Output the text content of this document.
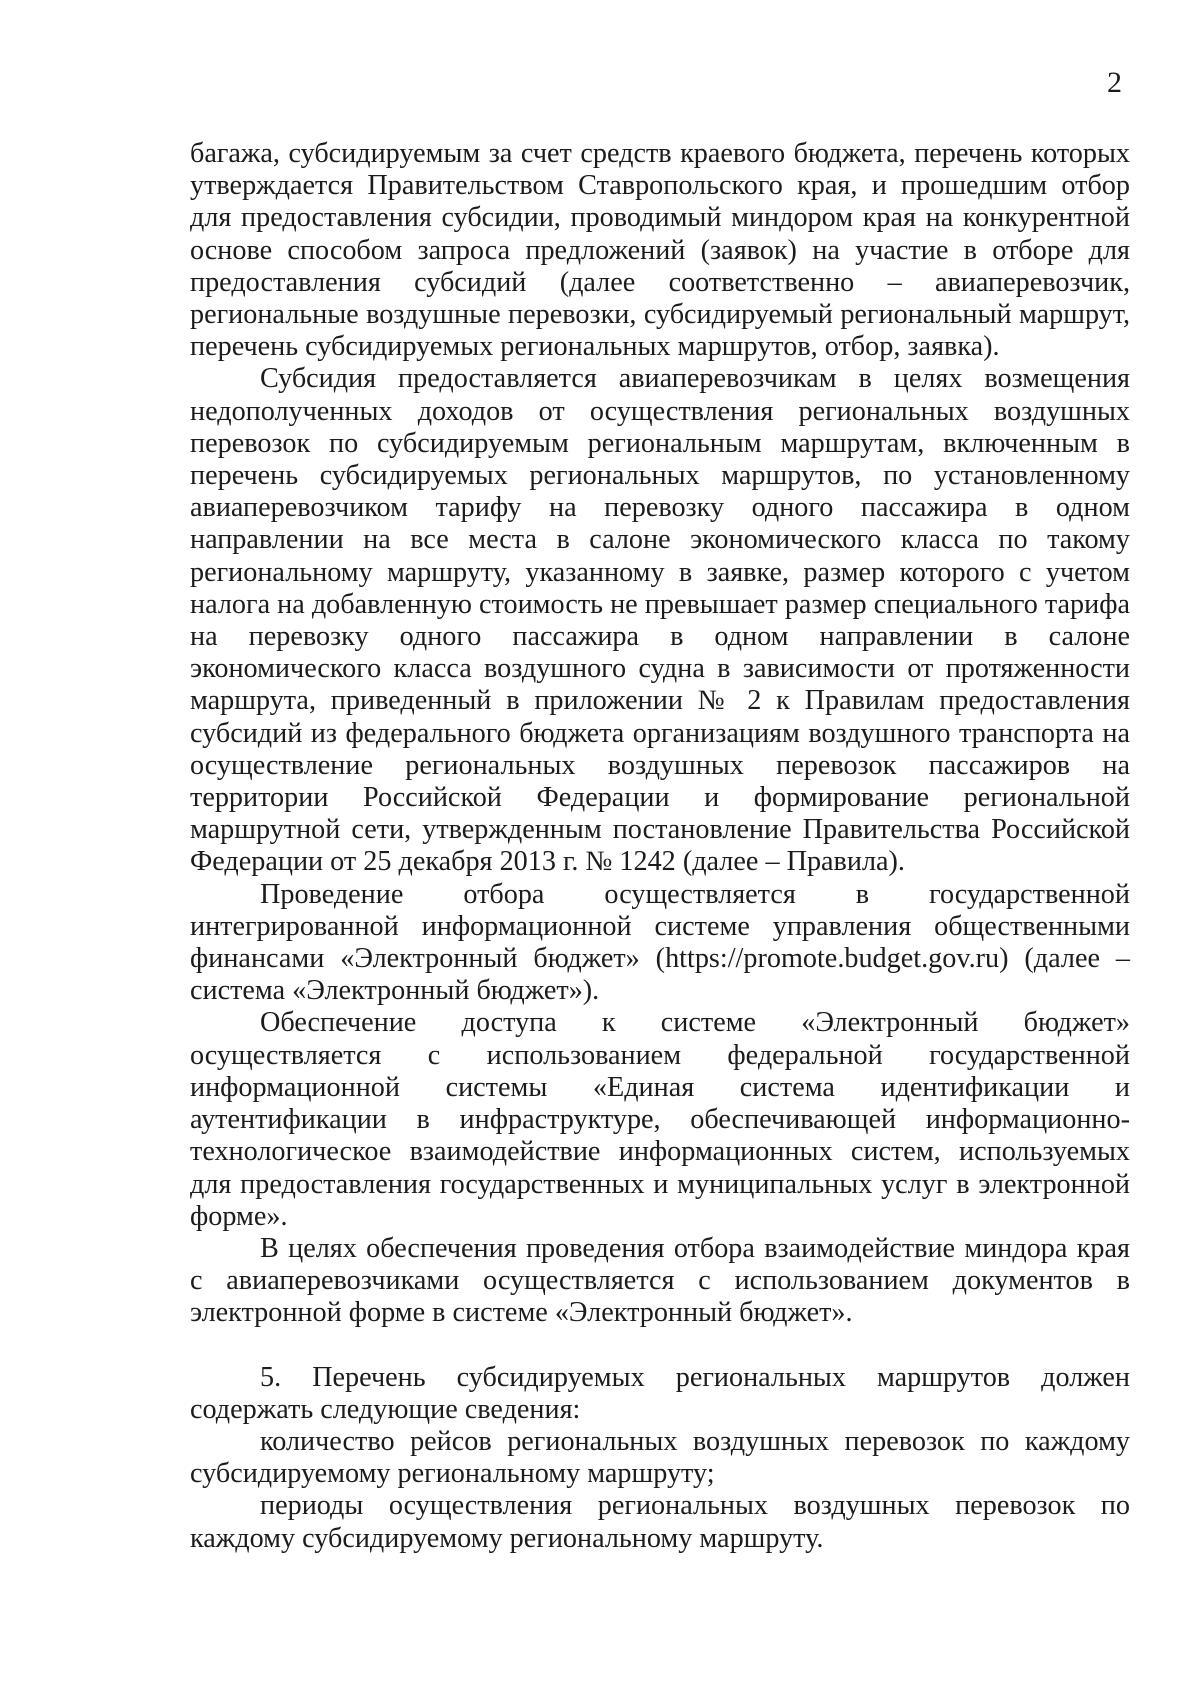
2

багажа, субсидируемым за счет средств краевого бюджета, перечень которых утверждается Правительством Ставропольского края, и прошедшим отбор для предоставления субсидии, проводимый миндором края на конкурентной основе способом запроса предложений (заявок) на участие в отборе для предоставления субсидий (далее соответственно – авиаперевозчик, региональные воздушные перевозки, субсидируемый региональный маршрут, перечень субсидируемых региональных маршрутов, отбор, заявка).

Субсидия предоставляется авиаперевозчикам в целях возмещения недополученных доходов от осуществления региональных воздушных перевозок по субсидируемым региональным маршрутам, включенным в перечень субсидируемых региональных маршрутов, по установленному авиаперевозчиком тарифу на перевозку одного пассажира в одном направлении на все места в салоне экономического класса по такому региональному маршруту, указанному в заявке, размер которого с учетом налога на добавленную стоимость не превышает размер специального тарифа на перевозку одного пассажира в одном направлении в салоне экономического класса воздушного судна в зависимости от протяженности маршрута, приведенный в приложении № 2 к Правилам предоставления субсидий из федерального бюджета организациям воздушного транспорта на осуществление региональных воздушных перевозок пассажиров на территории Российской Федерации и формирование региональной маршрутной сети, утвержденным постановление Правительства Российской Федерации от 25 декабря 2013 г. № 1242 (далее – Правила).

Проведение отбора осуществляется в государственной интегрированной информационной системе управления общественными финансами «Электронный бюджет» (https://promote.budget.gov.ru) (далее – система «Электронный бюджет»).

Обеспечение доступа к системе «Электронный бюджет» осуществляется с использованием федеральной государственной информационной системы «Единая система идентификации и аутентификации в инфраструктуре, обеспечивающей информационно-технологическое взаимодействие информационных систем, используемых для предоставления государственных и муниципальных услуг в электронной форме».

В целях обеспечения проведения отбора взаимодействие миндора края с авиаперевозчиками осуществляется с использованием документов в электронной форме в системе «Электронный бюджет».

5. Перечень субсидируемых региональных маршрутов должен содержать следующие сведения:

количество рейсов региональных воздушных перевозок по каждому субсидируемому региональному маршруту;

периоды осуществления региональных воздушных перевозок по каждому субсидируемому региональному маршруту.
